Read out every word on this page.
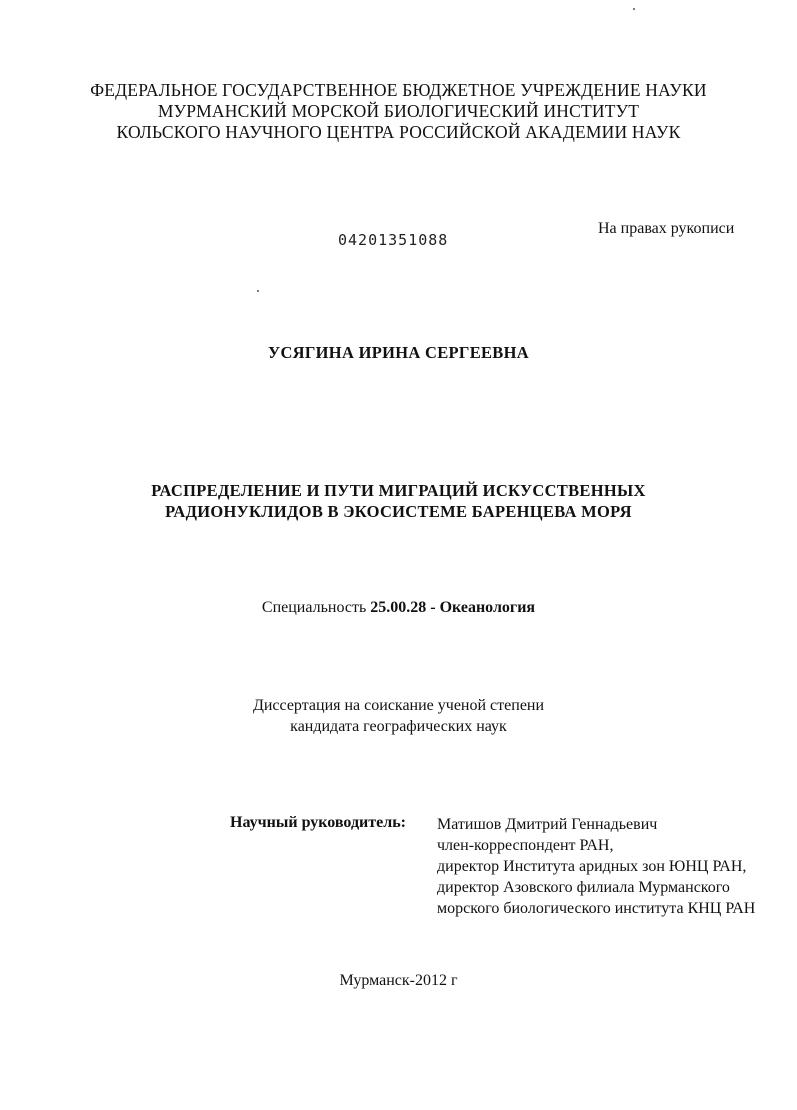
ФЕДЕРАЛЬНОЕ ГОСУДАРСТВЕННОЕ БЮДЖЕТНОЕ УЧРЕЖДЕНИЕ НАУКИ
МУРМАНСКИЙ МОРСКОЙ БИОЛОГИЧЕСКИЙ ИНСТИТУТ
КОЛЬСКОГО НАУЧНОГО ЦЕНТРА РОССИЙСКОЙ АКАДЕМИИ НАУК
04201351088
На правах рукописи
УСЯГИНА ИРИНА СЕРГЕЕВНА
РАСПРЕДЕЛЕНИЕ И ПУТИ МИГРАЦИЙ ИСКУССТВЕННЫХ
РАДИОНУКЛИДОВ В ЭКОСИСТЕМЕ БАРЕНЦЕВА МОРЯ
Специальность 25.00.28 - Океанология
Диссертация на соискание ученой степени
кандидата географических наук
Научный руководитель: Матишов Дмитрий Геннадьевич
член-корреспондент РАН,
директор Института аридных зон ЮНЦ РАН,
директор Азовского филиала Мурманского
морского биологического института КНЦ РАН
Мурманск-2012 г
